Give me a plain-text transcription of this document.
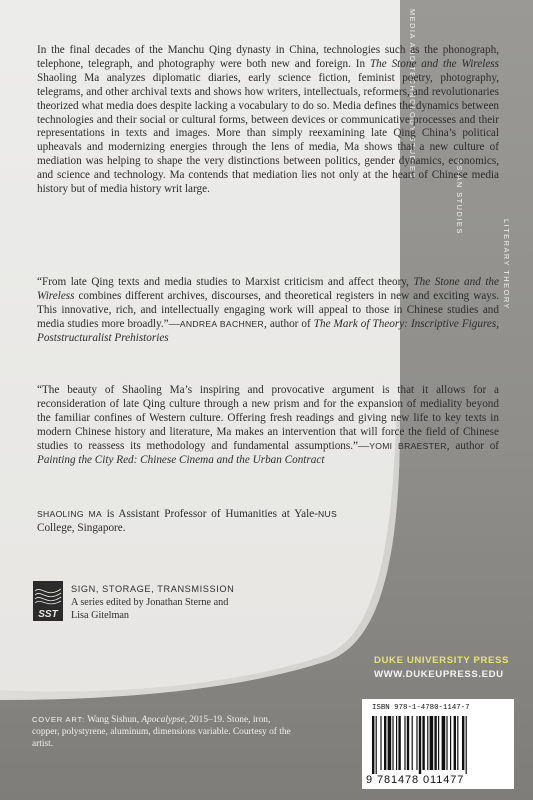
MEDIA AND TECHNOLOGY STUDIES
ASIAN STUDIES
LITERARY THEORY

In the final decades of the Manchu Qing dynasty in China, technologies such as the phonograph, telephone, telegraph, and photography were both new and foreign. In The Stone and the Wireless Shaoling Ma analyzes diplomatic diaries, early science fiction, feminist poetry, photography, telegrams, and other archival texts and shows how writers, intellectuals, reformers, and revolutionaries theorized what media does despite lacking a vocabulary to do so. Media defines the dynamics between technologies and their social or cultural forms, between devices or communicative processes and their representations in texts and images. More than simply reexamining late Qing China’s political upheavals and modernizing energies through the lens of media, Ma shows that a new culture of mediation was helping to shape the very distinctions between politics, gender dynamics, economics, and science and technology. Ma contends that mediation lies not only at the heart of Chinese media history but of media history writ large.

“From late Qing texts and media studies to Marxist criticism and affect theory, The Stone and the Wireless combines different archives, discourses, and theoretical registers in new and exciting ways. This innovative, rich, and intellectually engaging work will appeal to those in Chinese studies and media studies more broadly.”—ANDREA BACHNER, author of The Mark of Theory: Inscriptive Figures, Poststructuralist Prehistories

“The beauty of Shaoling Ma’s inspiring and provocative argument is that it allows for a reconsideration of late Qing culture through a new prism and for the expansion of mediality beyond the familiar confines of Western culture. Offering fresh readings and giving new life to key texts in modern Chinese history and literature, Ma makes an intervention that will force the field of Chinese studies to reassess its methodology and fundamental assumptions.”—YOMI BRAESTER, author of Painting the City Red: Chinese Cinema and the Urban Contract

SHAOLING MA is Assistant Professor of Humanities at Yale-NUS College, Singapore.

SST
SIGN, STORAGE, TRANSMISSION
A series edited by Jonathan Sterne and Lisa Gitelman
DUKE UNIVERSITY PRESS
WWW.DUKEUPRESS.EDU

COVER ART: Wang Sishun, Apocalypse, 2015–19. Stone, iron, copper, polystyrene, aluminum, dimensions variable. Courtesy of the artist.

ISBN 978-1-4780-1147-7
9 781478 011477
